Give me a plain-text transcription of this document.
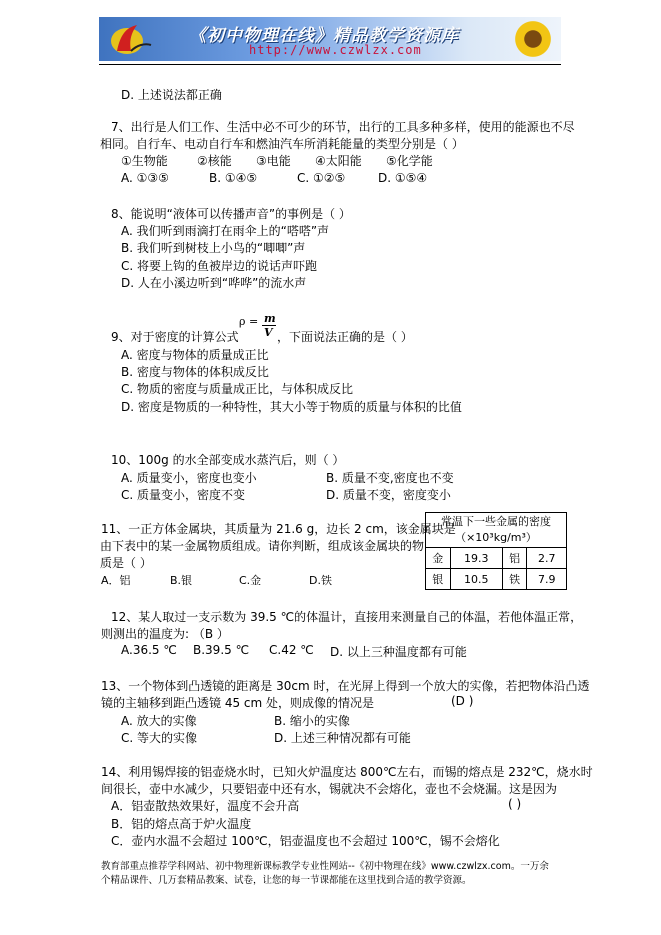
《初中物理在线》精品教学资源库
http://www.czwlzx.com
D. 上述说法都正确
7、出行是人们工作、生活中必不可少的环节，出行的工具多种多样，使用的能源也不尽
相同。自行车、电动自行车和燃油汽车所消耗能量的类型分别是（ ）
①生物能 ②核能 ③电能 ④太阳能 ⑤化学能
A. ①③⑤	B. ①④⑤	C. ①②⑤	D. ①⑤④
8、能说明“液体可以传播声音”的事例是（ ）
A. 我们听到雨滴打在雨伞上的“嗒嗒”声
B. 我们听到树枝上小鸟的“唧唧”声
C. 将要上钩的鱼被岸边的说话声吓跑
D. 人在小溪边听到“哗哗”的流水声
9、对于密度的计算公式
ρ = m
V ，下面说法正确的是（ ）
A. 密度与物体的质量成正比
B. 密度与物体的体积成反比
C. 物质的密度与质量成正比，与体积成反比
D. 密度是物质的一种特性，其大小等于物质的质量与体积的比值
10、100g 的水全部变成水蒸汽后，则（ ）
A. 质量变小，密度也变小	B. 质量不变,密度也不变
C. 质量变小，密度不变	D. 质量不变，密度变小
11、一正方体金属块，其质量为 21.6 g，边长 2 cm，该金属块是
由下表中的某一金属物质组成。请你判断，组成该金属块的物
质是（ ）
A．铝	B.银	C.金	D.铁
常温下一些金属的密度
（×10³kg/m³）			

金	19.3	铝	2.7
银	10.5	铁	7.9
12、某人取过一支示数为 39.5 ℃的体温计，直接用来测量自己的体温，若他体温正常，
则测出的温度为: （B ）
A.36.5 ℃ B.39.5 ℃ C.42 ℃ D. 以上三种温度都有可能
13、一个物体到凸透镜的距离是 30cm 时，在光屏上得到一个放大的实像，若把物体沿凸透
镜的主轴移到距凸透镜 45 cm 处，则成像的情况是	(D )
A. 放大的实像	B. 缩小的实像
C. 等大的实像	D. 上述三种情况都有可能
14、利用锡焊接的铝壶烧水时，已知火炉温度达 800℃左右，而锡的熔点是 232℃，烧水时
间很长，壶中水减少，只要铝壶中还有水，锡就决不会熔化，壶也不会烧漏。这是因为
A．铝壶散热效果好，温度不会升高	( )
B．铝的熔点高于炉火温度
C．壶内水温不会超过 100℃，铝壶温度也不会超过 100℃，锡不会熔化
教育部重点推荐学科网站、初中物理新课标教学专业性网站--《初中物理在线》www.czwlzx.com。一万余
个精品课件、几万套精品教案、试卷，让您的每一节课都能在这里找到合适的教学资源。
